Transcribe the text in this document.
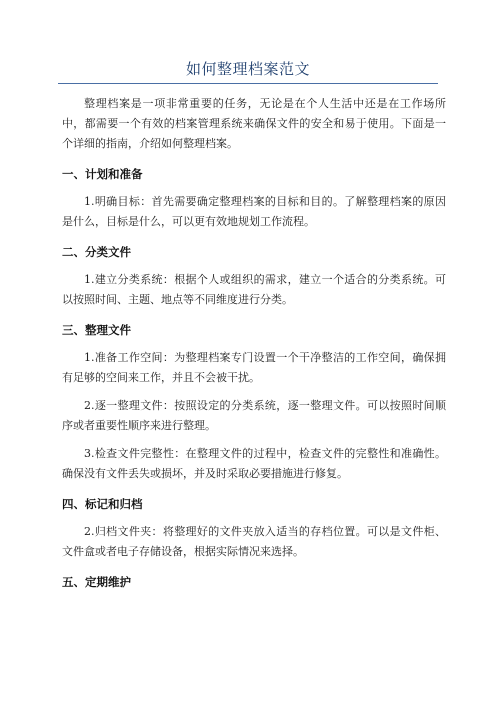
如何整理档案范文

整理档案是一项非常重要的任务，无论是在个人生活中还是在工作场所中，都需要一个有效的档案管理系统来确保文件的安全和易于使用。下面是一个详细的指南，介绍如何整理档案。

一、计划和准备

1.明确目标：首先需要确定整理档案的目标和目的。了解整理档案的原因是什么，目标是什么，可以更有效地规划工作流程。

二、分类文件

1.建立分类系统：根据个人或组织的需求，建立一个适合的分类系统。可以按照时间、主题、地点等不同维度进行分类。

三、整理文件

1.准备工作空间：为整理档案专门设置一个干净整洁的工作空间，确保拥有足够的空间来工作，并且不会被干扰。

2.逐一整理文件：按照设定的分类系统，逐一整理文件。可以按照时间顺序或者重要性顺序来进行整理。

3.检查文件完整性：在整理文件的过程中，检查文件的完整性和准确性。确保没有文件丢失或损坏，并及时采取必要措施进行修复。

四、标记和归档

2.归档文件夹：将整理好的文件夹放入适当的存档位置。可以是文件柜、文件盒或者电子存储设备，根据实际情况来选择。

五、定期维护
